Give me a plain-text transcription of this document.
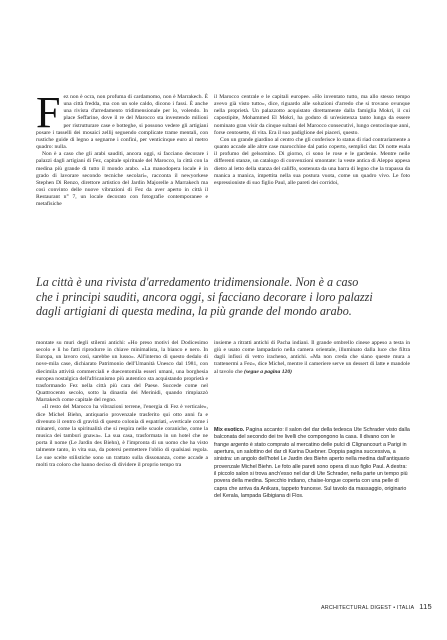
F ez non è ocra, non profuma di cardamomo, non è Marrakech. È una città fredda, ma con un sole caldo, dicono i fassi. È anche una rivista d'arredamento tridimensionale per lo, volendo. In place Seffarine, dove il re del Marocco sta investendo milioni per ristrutturare case e botteghe, si possono vedere gli artigiani posare i tasselli dei mosaici zellij seguendo complicate trame mentali, con rustiche guide di legno a segnarne i confini, per venticinque euro al metro quadro: nulla.

Non è a caso che gli arabi sauditi, ancora oggi, si facciano decorare i palazzi dagli artigiani di Fez, capitale spirituale del Marocco, la città con la medina più grande di tutto il mondo arabo. «La manodopera locale è in grado di lavorare secondo tecniche secolari», racconta il newyorkese Stephen Di Renzo, direttore artistico del Jardin Majorelle a Marrakech ma così convinto delle nuove vibrazioni di Fez da aver aperto in città il Restaurant n° 7, un locale decorato con fotografie contemporanee e metafisiche

il Marocco centrale e le capitali europee. «Ho inventato tutto, ma allo stesso tempo avevo già visto tutto», dice, riguardo alle soluzioni d'arredo che si trovano ovunque nella proprietà. Un palazzotto acquistato direttamente dalla famiglia Mokri, il cui capostipite, Mohammed El Mokri, ha goduto di un'esistenza tanto lunga da essere nominato gran visir da cinque sultani del Marocco consecutivi, lungo centocinque anni, forse centosette, di vita. Era il suo padiglione dei piaceri, questo.

Con un grande giardino al centro che gli conferisce lo status di riad contrariamente a quanto accade alle altre case marocchine dal patio coperto, semplici dar. Di notte esala il profumo del gelsomino. Di giorno, ci sono le rose e le gardenie. Mentre nelle differenti stanze, un catalogo di convenzioni smontate: la veste antica di Aleppo appesa dietro al letto della stanza del califfo, sostenuta da una barra di legno che la trapassa da manica a manica, impettita nella sua postura vuota, come un quadro vivo. Le foto espressioniste di suo figlio Paul, alle pareti dei corridoi,

La città è una rivista d'arredamento tridimensionale. Non è a caso
che i principi sauditi, ancora oggi, si facciano decorare i loro palazzi
dagli artigiani di questa medina, la più grande del mondo arabo.

montate su muri degli stilemi antichi: «Ho preso motivi del Dodicesimo secolo e li ho fatti riprodurre in chiave minimalista, la bianco e nero. In Europa, un lavoro così, sarebbe un lusso». All'interno di questo dedalo di nove-mila case, dichiarato Patrimonio dell'Umanità Unesco dal 1981, con diecimila attività commerciali e duecentomila esseri umani, una borghesia europea nostalgica dell'africanismo più autentico sta acquistando proprietà e trasformando Fez nella città più cara del Paese. Succede come nel Quattrocento secolo, sotto la dinastia dei Merinidi, quando rimpiazzò Marrakech come capitale del regno.

«Il resto del Marocco ha vibrazioni terrene, l'energia di Fez è verticale», dice Michel Biehn, antiquario provenzale trasferito qui otto anni fa e divenuto il centro di gravità di questo colonia di espatriati, «verticale come i minareti, come la spiritualità che si respira nelle scuole coraniche, come la musica dei tamburi gnawa». La sua casa, trasformata in un hotel che ne porta il nome (Le Jardin des Biehn), è l'impronta di un uomo che ha visto talmente tanto, in vita sua, da potersi permettere l'oblio di qualsiasi regola. Le sue scelte stilistiche sono un trattato sulla dissonanza, come accade a molti tra coloro che hanno deciso di dividere il proprio tempo tra

insieme a ritratti antichi di Pacha indiani. Il grande ombrello cinese appeso a testa in giù e usato come lampadario nella camera orientale, illuminato dalla luce che filtra dagli infissi di vetro iracheno, antichi. «Ma non creda che siano queste mura a trattenermi a Fez», dice Michel, mentre il cameriere serve un dessert di latte e mandole al tavolo che (segue a pagina 120)

Mix esotico. Pagina accanto: il salon del dar della tedesca Ute Schrader visto dalla balconata del secondo dei tre livelli che compongono la casa. Il divano con le frange argento è stato comprato al mercatino delle pulci di Clignancourt a Parigi in apertura, un salottino del dar di Karina Duebner. Doppia pagina successiva, a sinistra: un angolo dell'hotel Le Jardin des Biehn aperto nella medina dall'antiquario provenzale Michel Biehn. Le foto alle pareti sono opera di suo figlio Paul. A destra: il piccolo salon si trova anch'esso nel dar di Ute Schrader, nella parte un tempo più povera della medina. Specchio indiano, chaise-longue coperta con una pelle di capra che arriva da Anikara, tappeto francese. Sul tavolo da massaggio, originario del Kerala, lampada Gibigiana di Flos.
ARCHITECTURAL DIGEST • ITALIA 115
